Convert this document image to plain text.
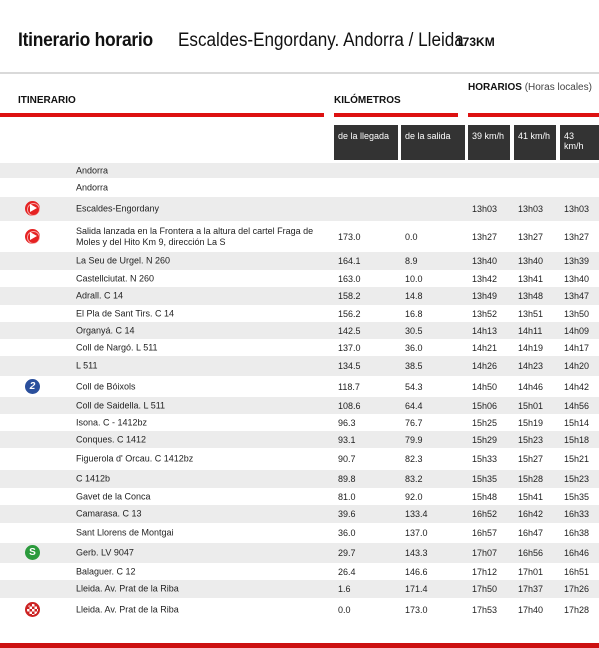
Itinerario horario Escaldes-Engordany. Andorra / Lleida
173KM
ITINERARIO	KILÓMETROS
HORARIOS (Horas locales)
de la llegada	de la salida	39 km/h	41 km/h	43 km/h
Andorra
Andorra
Escaldes-Engordany	13h03 13h03 13h03
Salida lanzada en la Frontera a la altura del cartel Fraga de Moles y del Hito Km 9, dirección La S	173.0	0.0	13h27 13h27 13h27
La Seu de Urgel. N 260	164.1	8.9	13h40 13h40 13h39
Castellciutat. N 260	163.0	10.0	13h42 13h41 13h40
Adrall. C 14	158.2	14.8	13h49 13h48 13h47
El Pla de Sant Tirs. C 14	156.2	16.8	13h52 13h51 13h50
Organyá. C 14	142.5	30.5	14h13 14h11 14h09
Coll de Nargó. L 511	137.0	36.0	14h21 14h19 14h17
L 511	134.5	38.5	14h26 14h23 14h20
2
Coll de Bóixols	118.7	54.3	14h50 14h46 14h42
Coll de Saidella. L 511	108.6	64.4	15h06 15h01 14h56
Isona. C - 1412bz	96.3	76.7	15h25 15h19 15h14
Conques. C 1412	93.1	79.9	15h29 15h23 15h18
Figuerola d' Orcau. C 1412bz	90.7	82.3	15h33 15h27 15h21
C 1412b	89.8	83.2	15h35 15h28 15h23
Gavet de la Conca	81.0	92.0	15h48 15h41 15h35
Camarasa. C 13	39.6	133.4	16h52 16h42 16h33
Sant Llorens de Montgai	36.0	137.0	16h57 16h47 16h38
S
Gerb. LV 9047	29.7	143.3	17h07 16h56 16h46
Balaguer. C 12	26.4	146.6	17h12 17h01 16h51
Lleida. Av. Prat de la Riba	1.6	171.4	17h50 17h37 17h26
Lleida. Av. Prat de la Riba	0.0	173.0	17h53 17h40 17h28
